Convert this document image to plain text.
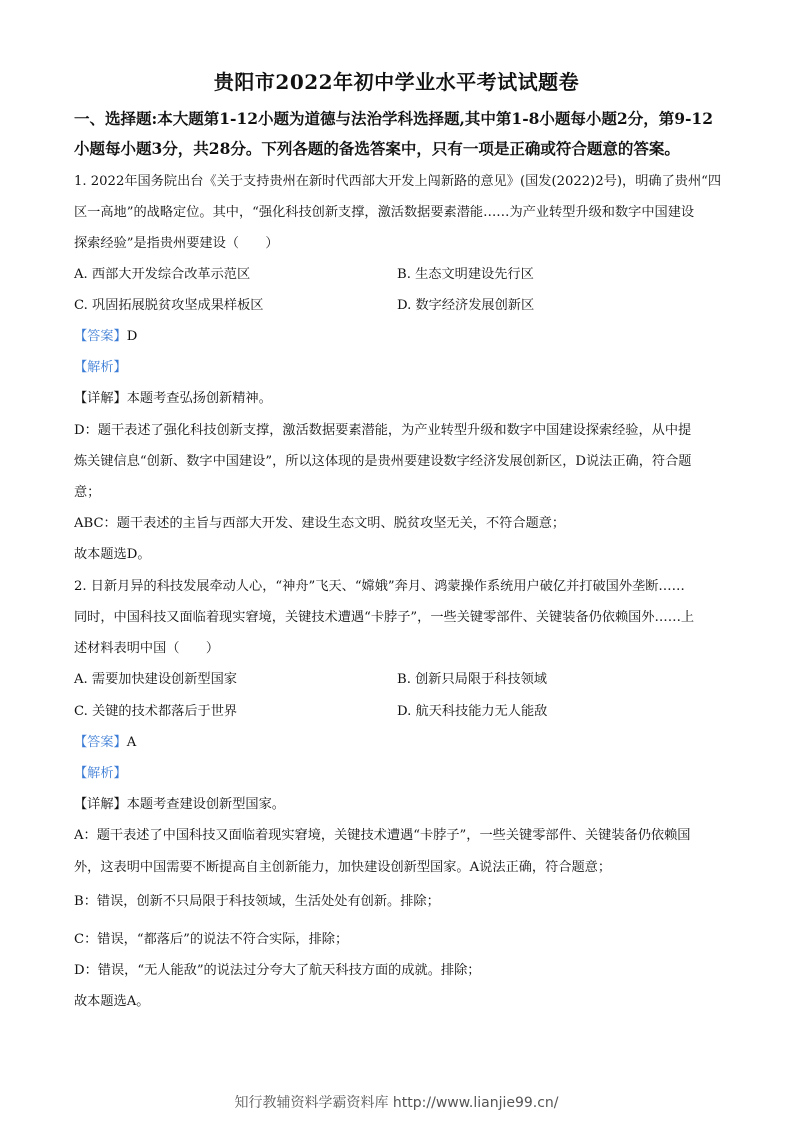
贵阳市2022年初中学业水平考试试题卷
一、选择题:本大题第1-12小题为道德与法治学科选择题,其中第1-8小题每小题2分，第9-12
小题每小题3分，共28分。下列各题的备选答案中，只有一项是正确或符合题意的答案。
1. 2022年国务院出台《关于支持贵州在新时代西部大开发上闯新路的意见》(国发(2022)2号)，明确了贵州“四
区一高地”的战略定位。其中，“强化科技创新支撑，激活数据要素潜能……为产业转型升级和数字中国建设
探索经验”是指贵州要建设（　　）
A. 西部大开发综合改革示范区	B. 生态文明建设先行区
C. 巩固拓展脱贫攻坚成果样板区	D. 数字经济发展创新区
【答案】D
【解析】
【详解】本题考查弘扬创新精神。
D：题干表述了强化科技创新支撑，激活数据要素潜能，为产业转型升级和数字中国建设探索经验，从中提
炼关键信息“创新、数字中国建设”，所以这体现的是贵州要建设数字经济发展创新区，D说法正确，符合题
意；
ABC：题干表述的主旨与西部大开发、建设生态文明、脱贫攻坚无关，不符合题意；
故本题选D。
2. 日新月异的科技发展牵动人心，“神舟”飞天、“嫦娥”奔月、鸿蒙操作系统用户破亿并打破国外垄断……
同时，中国科技又面临着现实窘境，关键技术遭遇“卡脖子”，一些关键零部件、关键装备仍依赖国外……上
述材料表明中国（　　）
A. 需要加快建设创新型国家	B. 创新只局限于科技领域
C. 关键的技术都落后于世界	D. 航天科技能力无人能敌
【答案】A
【解析】
【详解】本题考查建设创新型国家。
A：题干表述了中国科技又面临着现实窘境，关键技术遭遇“卡脖子”，一些关键零部件、关键装备仍依赖国
外，这表明中国需要不断提高自主创新能力，加快建设创新型国家。A说法正确，符合题意；
B：错误，创新不只局限于科技领域，生活处处有创新。排除；
C：错误，“都落后”的说法不符合实际，排除；
D：错误，“无人能敌”的说法过分夸大了航天科技方面的成就。排除；
故本题选A。
知行教辅资料学霸资料库 http://www.lianjie99.cn/
